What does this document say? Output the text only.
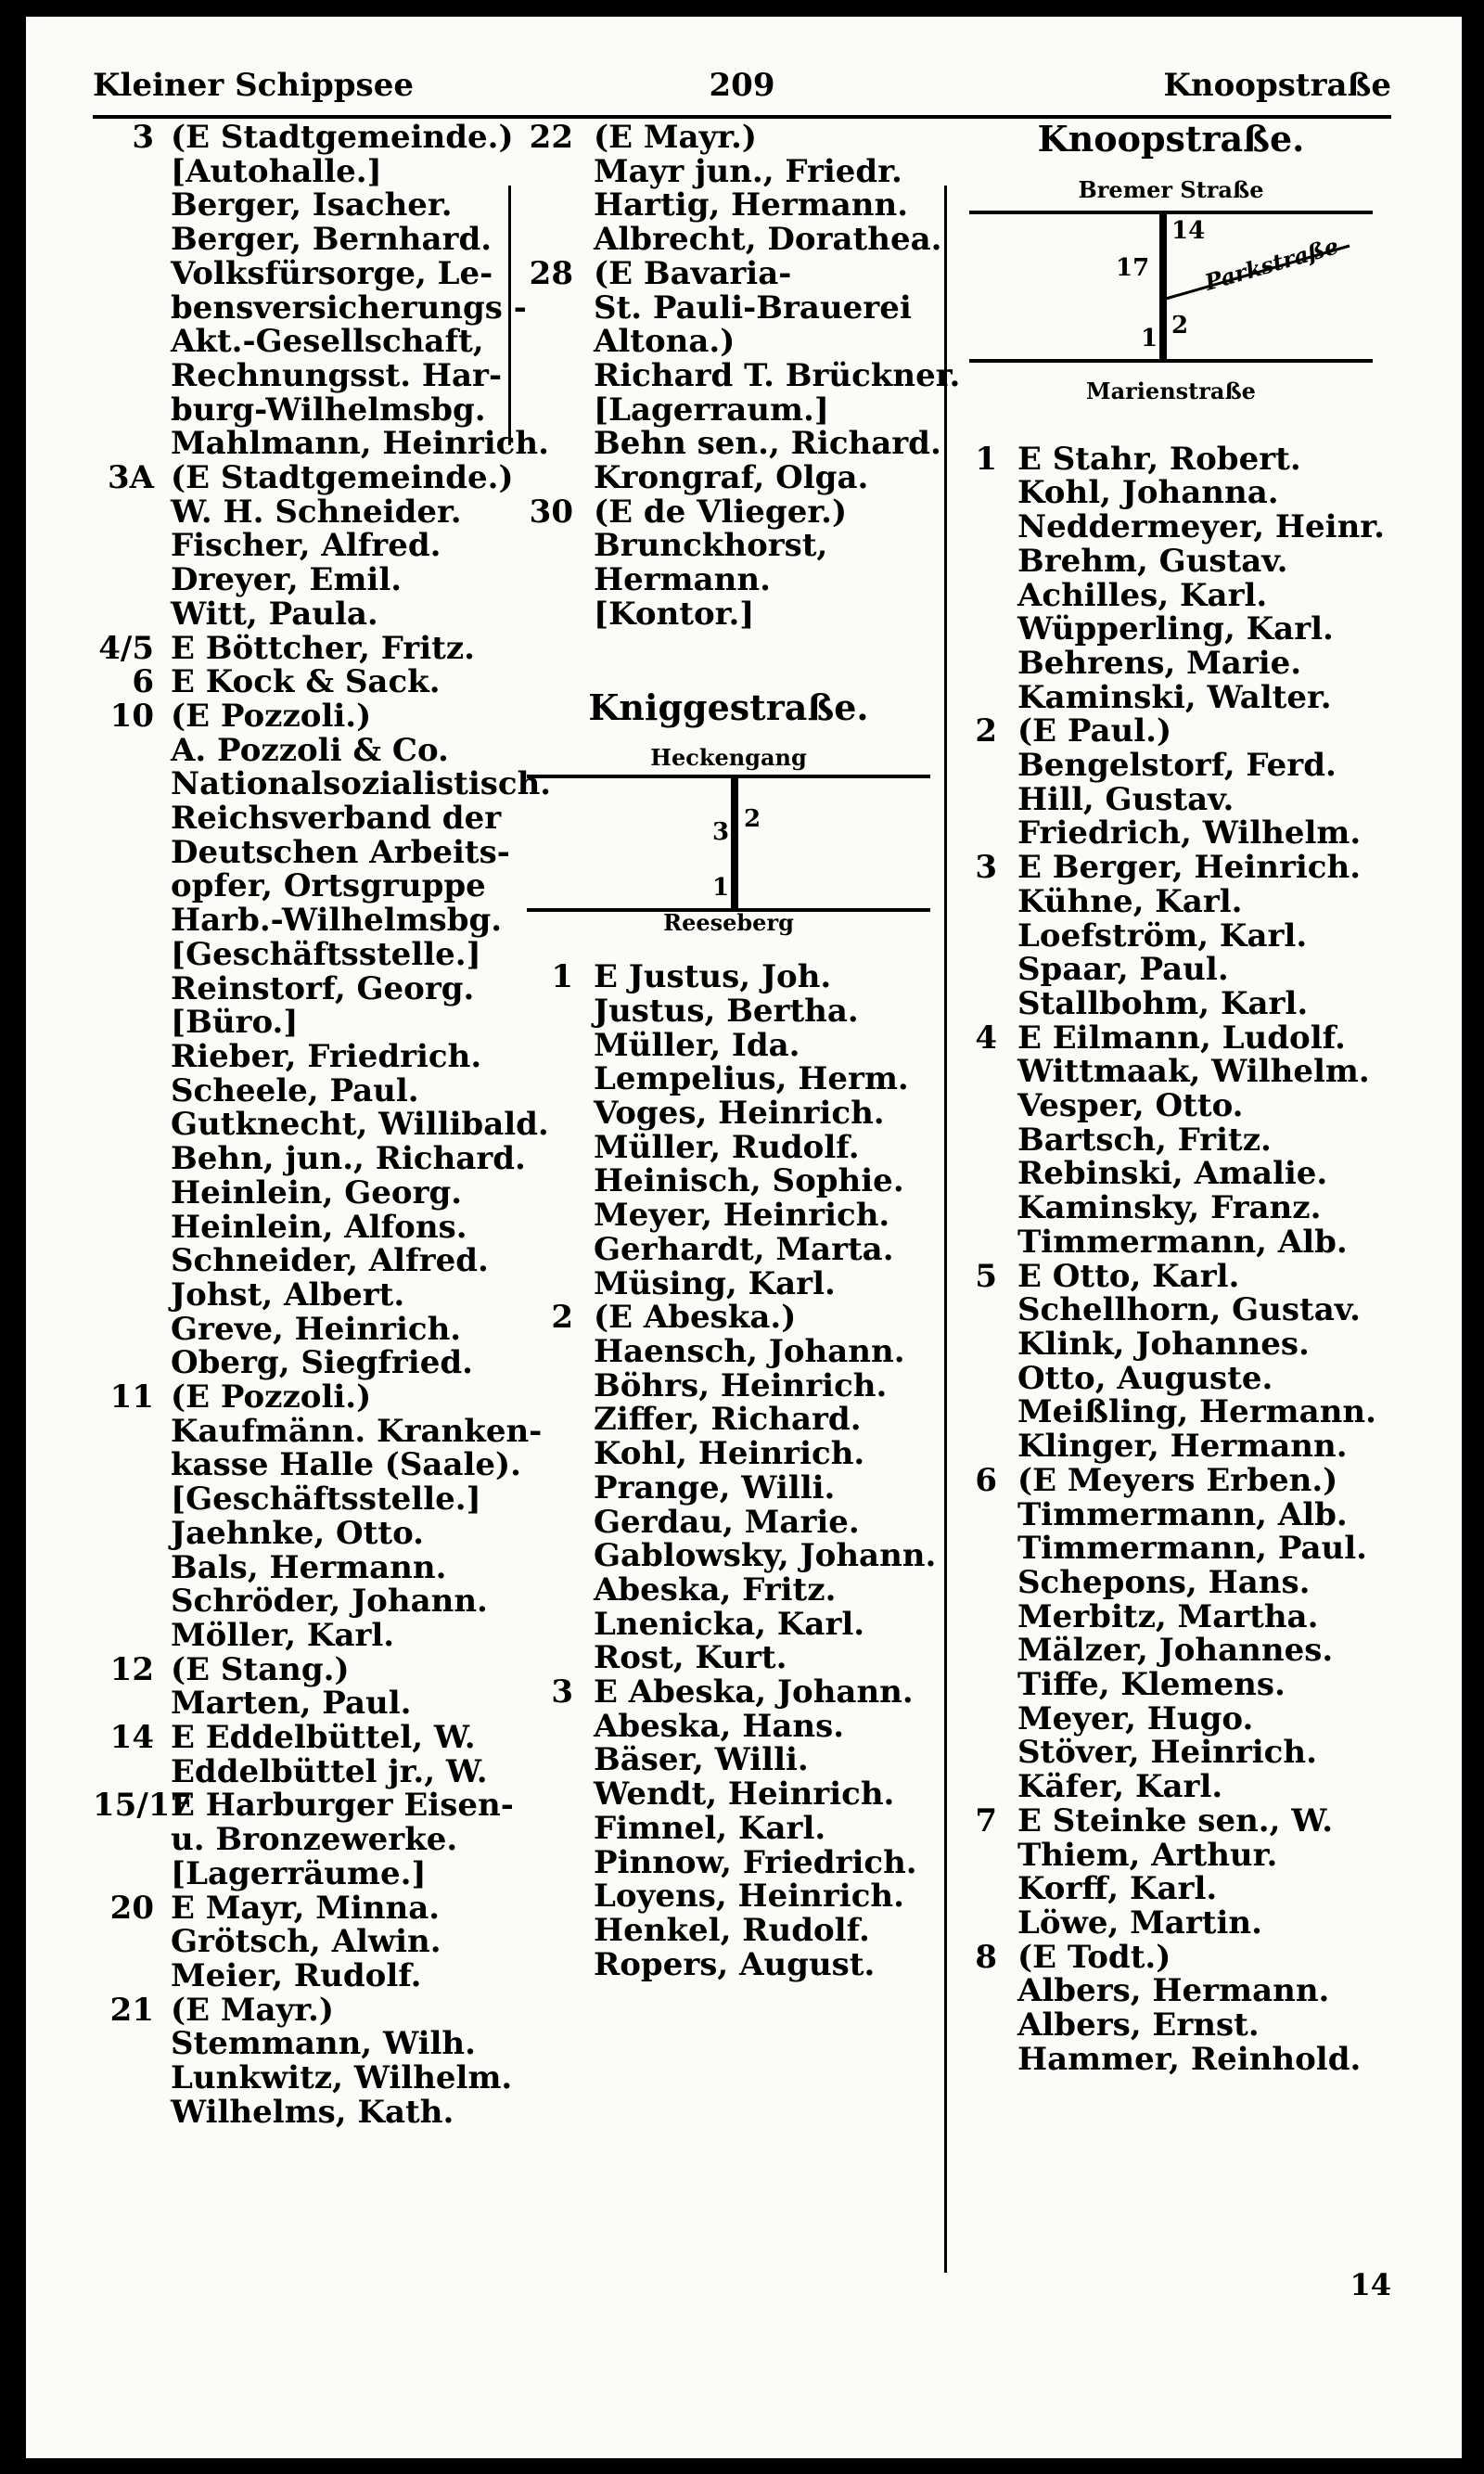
Kleiner Schippsee	209	Knoopstraße
3 (E Stadtgemeinde.)
[Autohalle.]
Berger, Isacher.
Berger, Bernhard.
Volksfürsorge, Le-
bensversicherungs -
Akt.-Gesellschaft,
Rechnungsst. Har-
burg-Wilhelmsbg.
Mahlmann, Heinrich.
3A (E Stadtgemeinde.)
W. H. Schneider.
Fischer, Alfred.
Dreyer, Emil.
Witt, Paula.
4/5 E Böttcher, Fritz.
6 E Kock & Sack.
10 (E Pozzoli.)
A. Pozzoli & Co.
Nationalsozialistisch.
Reichsverband der
Deutschen Arbeits-
opfer, Ortsgruppe
Harb.-Wilhelmsbg.
[Geschäftsstelle.]
Reinstorf, Georg.
[Büro.]
Rieber, Friedrich.
Scheele, Paul.
Gutknecht, Willibald.
Behn, jun., Richard.
Heinlein, Georg.
Heinlein, Alfons.
Schneider, Alfred.
Johst, Albert.
Greve, Heinrich.
Oberg, Siegfried.
11 (E Pozzoli.)
Kaufmänn. Kranken-
kasse Halle (Saale).
[Geschäftsstelle.]
Jaehnke, Otto.
Bals, Hermann.
Schröder, Johann.
Möller, Karl.
12 (E Stang.)
Marten, Paul.
14 E Eddelbüttel, W.
Eddelbüttel jr., W.
15/17
E Harburger Eisen-
u. Bronzewerke.
[Lagerräume.]
20 E Mayr, Minna.
Grötsch, Alwin.
Meier, Rudolf.
21 (E Mayr.)
Stemmann, Wilh.
Lunkwitz, Wilhelm.
Wilhelms, Kath.
22 (E Mayr.)
Mayr jun., Friedr.
Hartig, Hermann.
Albrecht, Dorathea.
28 (E Bavaria-
St. Pauli-Brauerei
Altona.)
Richard T. Brückner.
[Lagerraum.]
Behn sen., Richard.
Krongraf, Olga.
30 (E de Vlieger.)
Brunckhorst,
Hermann.
[Kontor.]
Kniggestraße.
Heckengang
3 2
1
Reeseberg
1 E Justus, Joh.
Justus, Bertha.
Müller, Ida.
Lempelius, Herm.
Voges, Heinrich.
Müller, Rudolf.
Heinisch, Sophie.
Meyer, Heinrich.
Gerhardt, Marta.
Müsing, Karl.
2 (E Abeska.)
Haensch, Johann.
Böhrs, Heinrich.
Ziffer, Richard.
Kohl, Heinrich.
Prange, Willi.
Gerdau, Marie.
Gablowsky, Johann.
Abeska, Fritz.
Lnenicka, Karl.
Rost, Kurt.
3 E Abeska, Johann.
Abeska, Hans.
Bäser, Willi.
Wendt, Heinrich.
Fimnel, Karl.
Pinnow, Friedrich.
Loyens, Heinrich.
Henkel, Rudolf.
Ropers, August.
Knoopstraße.
Bremer Straße
Parkstraße
14
17
1 2
Marienstraße
1 E Stahr, Robert.
Kohl, Johanna.
Neddermeyer, Heinr.
Brehm, Gustav.
Achilles, Karl.
Wüpperling, Karl.
Behrens, Marie.
Kaminski, Walter.
2 (E Paul.)
Bengelstorf, Ferd.
Hill, Gustav.
Friedrich, Wilhelm.
3 E Berger, Heinrich.
Kühne, Karl.
Loefström, Karl.
Spaar, Paul.
Stallbohm, Karl.
4 E Eilmann, Ludolf.
Wittmaak, Wilhelm.
Vesper, Otto.
Bartsch, Fritz.
Rebinski, Amalie.
Kaminsky, Franz.
Timmermann, Alb.
5 E Otto, Karl.
Schellhorn, Gustav.
Klink, Johannes.
Otto, Auguste.
Meißling, Hermann.
Klinger, Hermann.
6 (E Meyers Erben.)
Timmermann, Alb.
Timmermann, Paul.
Schepons, Hans.
Merbitz, Martha.
Mälzer, Johannes.
Tiffe, Klemens.
Meyer, Hugo.
Stöver, Heinrich.
Käfer, Karl.
7 E Steinke sen., W.
Thiem, Arthur.
Korff, Karl.
Löwe, Martin.
8 (E Todt.)
Albers, Hermann.
Albers, Ernst.
Hammer, Reinhold.
14
